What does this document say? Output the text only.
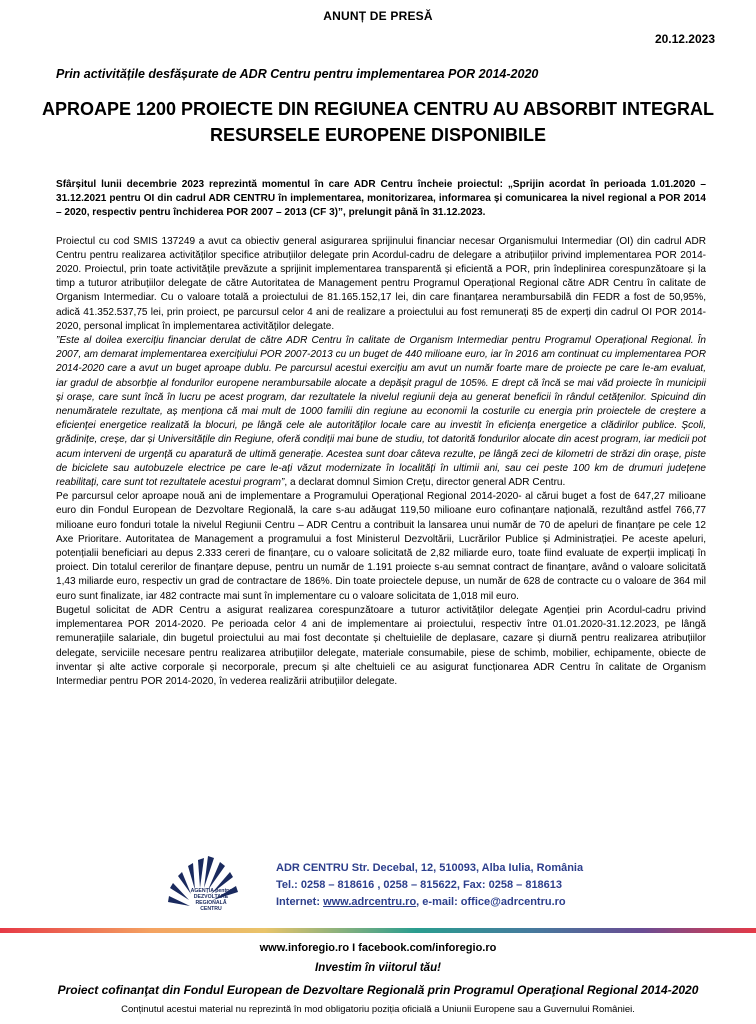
ANUNȚ DE PRESĂ
20.12.2023
Prin activitățile desfășurate de ADR Centru pentru implementarea POR 2014-2020
APROAPE 1200 PROIECTE DIN REGIUNEA CENTRU AU ABSORBIT INTEGRAL RESURSELE EUROPENE DISPONIBILE

Sfârșitul lunii decembrie 2023 reprezintă momentul în care ADR Centru încheie proiectul: „Sprijin acordat în perioada 1.01.2020 – 31.12.2021 pentru OI din cadrul ADR CENTRU în implementarea, monitorizarea, informarea și comunicarea la nivel regional a POR 2014 – 2020, respectiv pentru închiderea POR 2007 – 2013 (CF 3)”, prelungit până în 31.12.2023.

Proiectul cu cod SMIS 137249 a avut ca obiectiv general asigurarea sprijinului financiar necesar Organismului Intermediar (OI) din cadrul ADR Centru pentru realizarea activităților specifice atribuțiilor delegate prin Acordul-cadru de delegare a atribuțiilor privind implementarea POR 2014-2020. Proiectul, prin toate activitățile prevăzute a sprijinit implementarea transparentă și eficientă a POR, prin îndeplinirea corespunzătoare și la timp a tuturor atribuțiilor delegate de către Autoritatea de Management pentru Programul Operațional Regional către ADR Centru în calitate de Organism Intermediar. Cu o valoare totală a proiectului de 81.165.152,17 lei, din care finanțarea nerambursabilă din FEDR a fost de 50,95%, adică 41.352.537,75 lei, prin proiect, pe parcursul celor 4 ani de realizare a proiectului au fost remunerați 85 de experți din cadrul OI POR 2014-2020, personal implicat în implementarea activităților delegate.

”Este al doilea exercițiu financiar derulat de către ADR Centru în calitate de Organism Intermediar pentru Programul Operațional Regional. În 2007, am demarat implementarea exercițiului POR 2007-2013 cu un buget de 440 milioane euro, iar în 2016 am continuat cu implementarea POR 2014-2020 care a avut un buget aproape dublu. Pe parcursul acestui exercițiu am avut un număr foarte mare de proiecte pe care le-am evaluat, iar gradul de absorbție al fondurilor europene nerambursabile alocate a depășit pragul de 105%. E drept că încă se mai văd proiecte în municipii și orașe, care sunt încă în lucru pe acest program, dar rezultatele la nivelul regiunii deja au generat beneficii în rândul cetățenilor. Spicuind din nenumăratele rezultate, aș menționa că mai mult de 1000 familii din regiune au economii la costurile cu energia prin proiectele de creștere a eficienței energetice realizată la blocuri, pe lângă cele ale autorităților locale care au investit în eficiența energetice a clădirilor publice. Școli, grădinițe, creșe, dar și Universitățile din Regiune, oferă condiții mai bune de studiu, tot datorită fondurilor alocate din acest program, iar medicii pot acum interveni de urgență cu aparatură de ultimă generație. Acestea sunt doar câteva rezulte, pe lângă zeci de kilometri de străzi din orașe, piste de biciclete sau autobuzele electrice pe care le-ați văzut modernizate în localități în ultimii ani, sau cei peste 100 km de drumuri județene reabilitați, care sunt tot rezultatele acestui program”, a declarat domnul Simion Crețu, director general ADR Centru.

Pe parcursul celor aproape nouă ani de implementare a Programului Operațional Regional 2014-2020- al cărui buget a fost de 647,27 milioane euro din Fondul European de Dezvoltare Regională, la care s-au adăugat 119,50 milioane euro cofinanțare națională, rezultând astfel 766,77 milioane euro fonduri totale la nivelul Regiunii Centru – ADR Centru a contribuit la lansarea unui număr de 70 de apeluri de finanțare pe cele 12 Axe Prioritare. Autoritatea de Management a programului a fost Ministerul Dezvoltării, Lucrărilor Publice și Administrației. Pe aceste apeluri, potențialii beneficiari au depus 2.333 cereri de finanțare, cu o valoare solicitată de 2,82 miliarde euro, toate fiind evaluate de experții implicați în proiect. Din totalul cererilor de finanțare depuse, pentru un număr de 1.191 proiecte s-au semnat contract de finanțare, având o valoare solicitată 1,43 miliarde euro, respectiv un grad de contractare de 186%. Din toate proiectele depuse, un număr de 628 de contracte cu o valoare de 364 mil euro sunt finalizate, iar 482 contracte mai sunt în implementare cu o valoare solicitata de 1,018 mil euro.

Bugetul solicitat de ADR Centru a asigurat realizarea corespunzătoare a tuturor activităților delegate Agenției prin Acordul-cadru privind implementarea POR 2014-2020. Pe perioada celor 4 ani de implementare ai proiectului, respectiv între 01.01.2020-31.12.2023, pe lângă remunerațiile salariale, din bugetul proiectului au mai fost decontate și cheltuielile de deplasare, cazare și diurnă pentru realizarea atribuțiilor delegate, serviciile necesare pentru realizarea atribuțiilor delegate, materiale consumabile, piese de schimb, mobilier, echipamente, obiecte de inventar și alte active corporale și necorporale, precum și alte cheltuieli ce au asigurat funcționarea ADR Centru în calitate de Organism Intermediar pentru POR 2014-2020, în vederea realizării atribuțiilor delegate.

AGENȚIA pentru DEZVOLTARE REGIONALĂ CENTRU
ADR CENTRU Str. Decebal, 12, 510093, Alba Iulia, România
Tel.: 0258 – 818616 , 0258 – 815622, Fax: 0258 – 818613
Internet: www.adrcentru.ro, e-mail: office@adrcentru.ro
www.inforegio.ro I facebook.com/inforegio.ro
Investim în viitorul tău!
Proiect cofinanţat din Fondul European de Dezvoltare Regională prin Programul Operaţional Regional 2014-2020
Conținutul acestui material nu reprezintă în mod obligatoriu poziția oficială a Uniunii Europene sau a Guvernului României.
